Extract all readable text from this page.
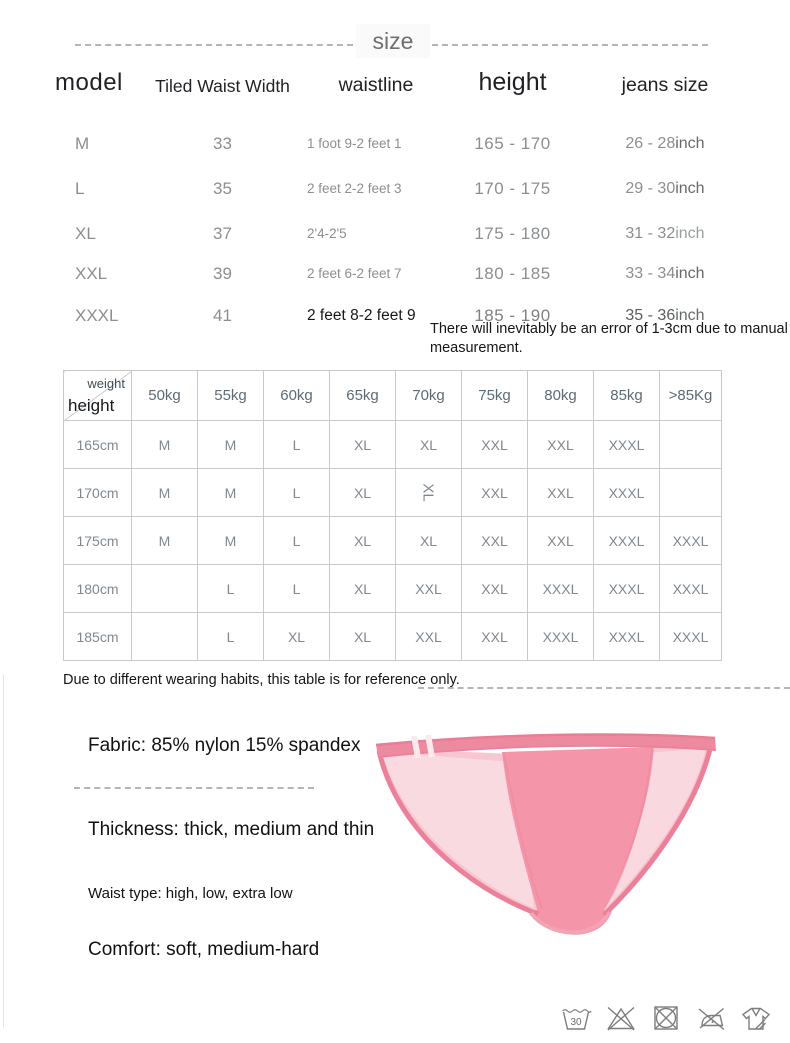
size
model	Tiled Waist Width	waistline	height	jeans size
M	33	1 foot 9-2 feet 1	165 - 170	26 - 28inch
L	35	2 feet 2-2 feet 3	170 - 175	29 - 30inch
XL	37	2'4-2'5	175 - 180	31 - 32inch
XXL	39	2 feet 6-2 feet 7	180 - 185	33 - 34inch
XXXL	41	2 feet 8-2 feet 9	185 - 190	35 - 36inch
There will inevitably be an error of 1-3cm due to manual measurement.
weight
height	50kg	55kg	60kg	65kg	70kg	75kg	80kg	85kg	>85Kg
165cm	M	M	L	XL	XL	XXL	XXL	XXXL	
170cm	M	M	L	XL	XL	XXL	XXL	XXXL	
175cm	M	M	L	XL	XL	XXL	XXL	XXXL	XXXL
180cm		L	L	XL	XXL	XXL	XXXL	XXXL	XXXL
185cm		L	XL	XL	XXL	XXL	XXXL	XXXL	XXXL
Due to different wearing habits, this table is for reference only.
Fabric: 85% nylon 15% spandex
Thickness: thick, medium and thin
Waist type: high, low, extra low
Comfort: soft, medium-hard
30
